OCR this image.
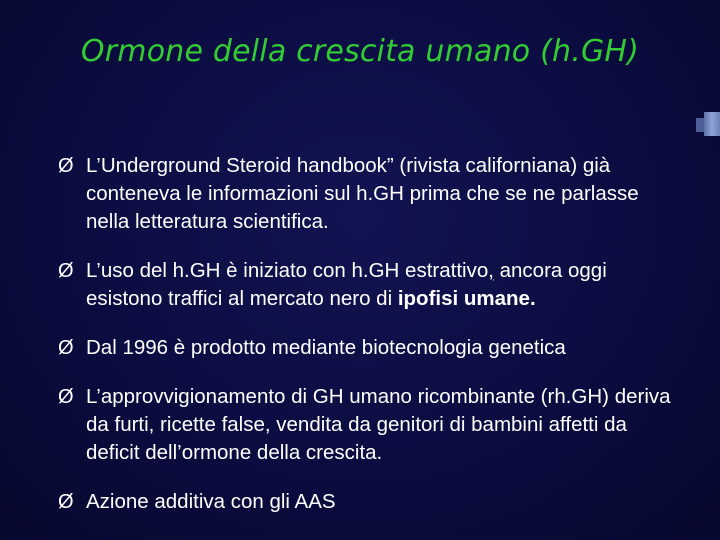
Ormone della crescita umano (h.GH)
Ø L’Underground Steroid handbook” (rivista californiana) già conteneva le informazioni sul h.GH prima che se ne parlasse nella letteratura scientifica.
Ø L’uso del h.GH è iniziato con h.GH estrattivo, ancora oggi esistono traffici al mercato nero di ipofisi umane.
Ø Dal 1996 è prodotto mediante biotecnologia genetica
Ø L’approvvigionamento di GH umano ricombinante (rh.GH) deriva da furti, ricette false, vendita da genitori di bambini affetti da deficit dell’ormone della crescita.
Ø Azione additiva con gli AAS
